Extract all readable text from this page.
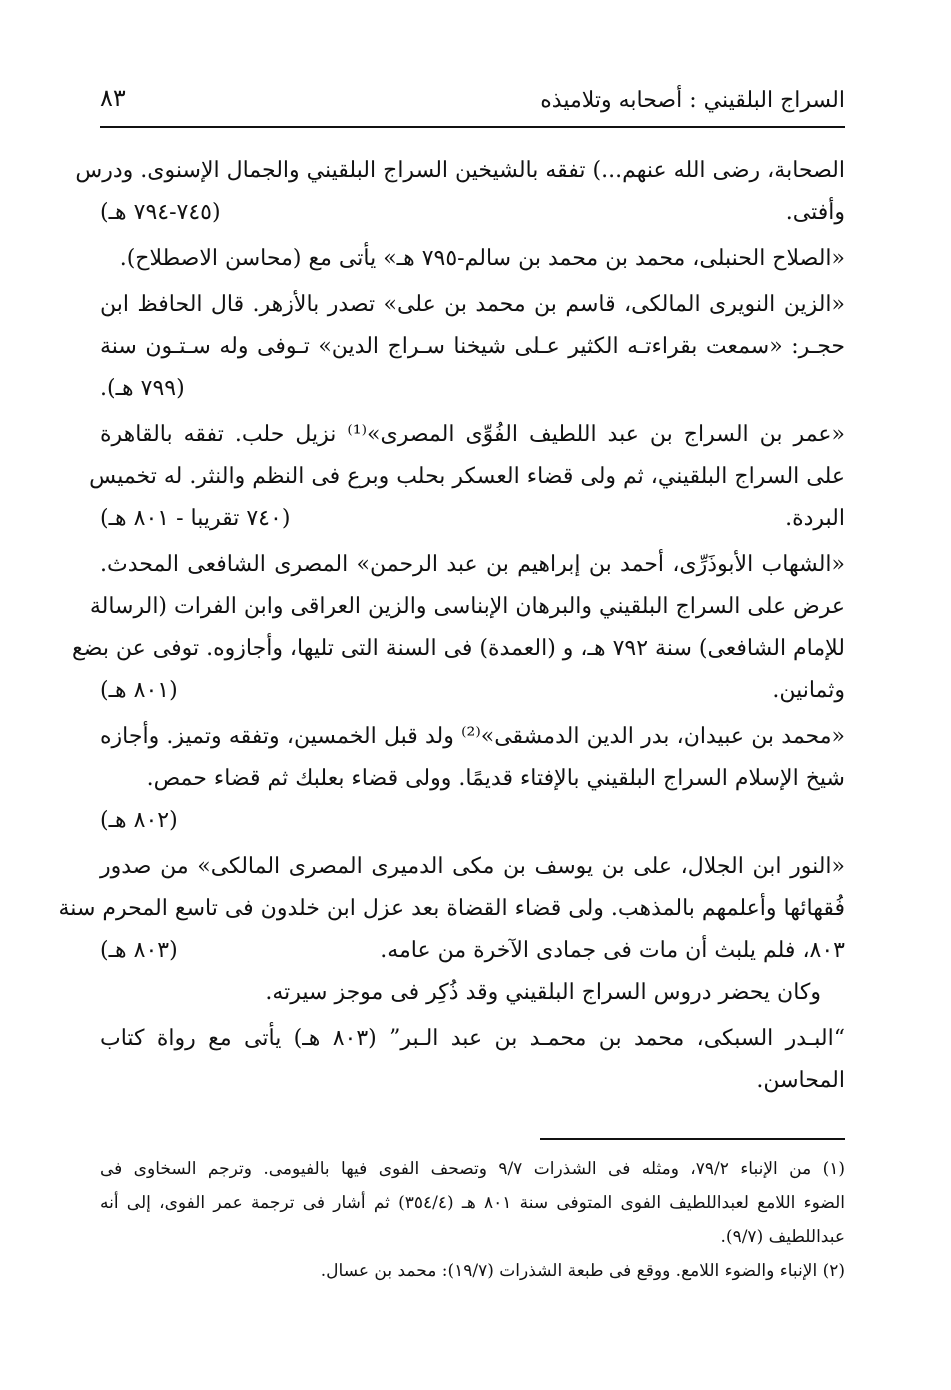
السراج البلقيني : أصحابه وتلاميذه
٨٣
الصحابة، رضى الله عنهم...) تفقه بالشيخين السراج البلقيني والجمال الإسنوى. ودرس
وأفتى.
(٧٤٥-٧٩٤ هـ)
«الصلاح الحنبلى، محمد بن محمد بن سالم-٧٩٥ هـ» يأتى مع (محاسن الاصطلاح).
«الزين النويرى المالكى، قاسم بن محمد بن على» تصدر بالأزهر. قال الحافظ ابن
حجـر: «سمعت بقراءتـه الكثير عـلى شيخنا سـراج الدين» تـوفى وله سـتـون سنة
(٧٩٩ هـ).
«عمر بن السراج بن عبد اللطيف الفُوِّى المصرى»⁽¹⁾ نزيل حلب. تفقه بالقاهرة
على السراج البلقيني، ثم ولى قضاء العسكر بحلب وبرع فى النظم والنثر. له تخميس
البردة.
(٧٤٠ تقريبا - ٨٠١ هـ)
«الشهاب الأبوذَرِّى، أحمد بن إبراهيم بن عبد الرحمن» المصرى الشافعى المحدث.
عرض على السراج البلقيني والبرهان الإبناسى والزين العراقى وابن الفرات (الرسالة
للإمام الشافعى) سنة ٧٩٢ هـ، و (العمدة) فى السنة التى تليها، وأجازوه. توفى عن بضع
وثمانين.
(٨٠١ هـ)
«محمد بن عبيدان، بدر الدين الدمشقى»⁽²⁾ ولد قبل الخمسين، وتفقه وتميز. وأجازه
شيخ الإسلام السراج البلقيني بالإفتاء قديمًا. وولى قضاء بعلبك ثم قضاء حمص.
(٨٠٢ هـ)
«النور ابن الجلال، على بن يوسف بن مكى الدميرى المصرى المالكى» من صدور
فُقهائها وأعلمهم بالمذهب. ولى قضاء القضاة بعد عزل ابن خلدون فى تاسع المحرم سنة
٨٠٣، فلم يلبث أن مات فى جمادى الآخرة من عامه.
(٨٠٣ هـ)
وكان يحضر دروس السراج البلقيني وقد ذُكِر فى موجز سيرته.
“البـدر السبكى، محمد بن محمـد بن عبد الـبر” (٨٠٣ هـ) يأتى مع رواة كتاب
المحاسن.
(١) من الإنباء ٧٩/٢، ومثله فى الشذرات ٩/٧ وتصحف الفوى فيها بالفيومى. وترجم السخاوى فى
الضوء اللامع لعبداللطيف الفوى المتوفى سنة ٨٠١ هـ (٣٥٤/٤) ثم أشار فى ترجمة عمر الفوى، إلى أنه
عبداللطيف (٩/٧).
(٢) الإنباء والضوء اللامع. ووقع فى طبعة الشذرات (١٩/٧): محمد بن عسال.
